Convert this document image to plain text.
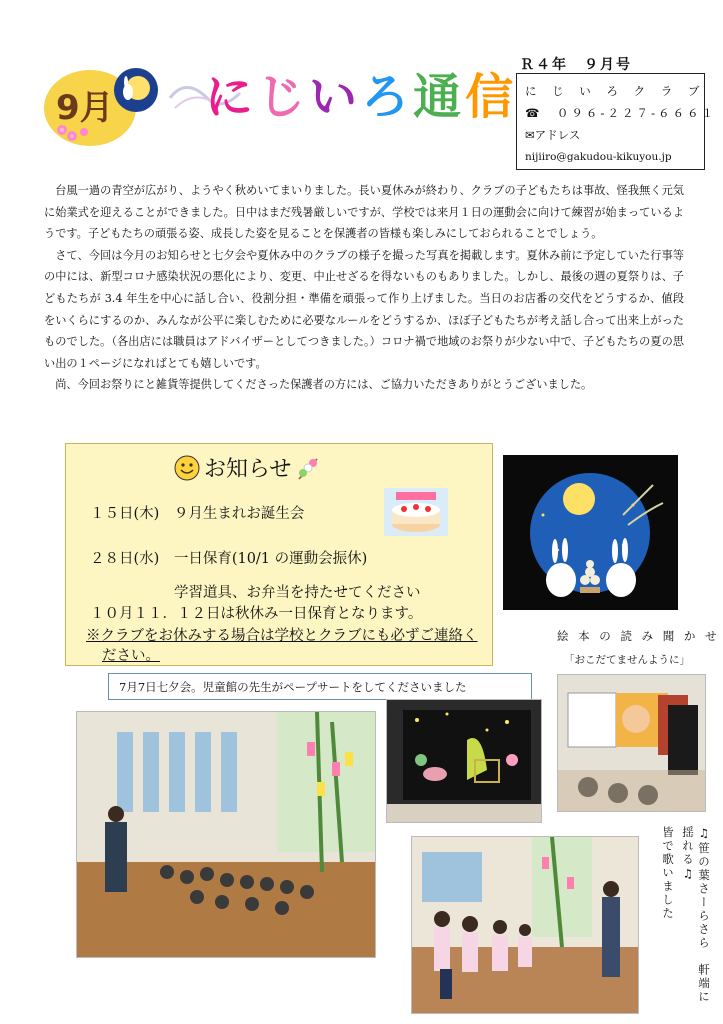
9月 にじいろ通信
Ｒ４年　９月号
に じ い ろ ク ラ ブ
☎　０９６-２２７-６６６１
✉アドレス
nijiiro@gakudou-kikuyou.jp

台風一過の青空が広がり、ようやく秋めいてまいりました。長い夏休みが終わり、クラブの子どもたちは事故、怪我無く元気に始業式を迎えることができました。日中はまだ残暑厳しいですが、学校では来月１日の運動会に向けて練習が始まっているようです。子どもたちの頑張る姿、成長した姿を見ることを保護者の皆様も楽しみにしておられることでしょう。

さて、今回は今月のお知らせと七夕会や夏休み中のクラブの様子を撮った写真を掲載します。夏休み前に予定していた行事等の中には、新型コロナ感染状況の悪化により、変更、中止せざるを得ないものもありました。しかし、最後の週の夏祭りは、子どもたちが 3.4 年生を中心に話し合い、役割分担・準備を頑張って作り上げました。当日のお店番の交代をどうするか、値段をいくらにするのか、みんなが公平に楽しむために必要なルールをどうするか、ほぼ子どもたちが考え話し合って出来上がったものでした。（各出店には職員はアドバイザーとしてつきました。）コロナ禍で地域のお祭りが少ない中で、子どもたちの夏の思い出の１ページになればとても嬉しいです。

尚、今回お祭りにと雑貨等提供してくださった保護者の方には、ご協力いただきありがとうございました。

お知らせ
１５日(木)　９月生まれお誕生会
２８日(水)　一日保育(10/1 の運動会振休)
学習道具、お弁当を持たせてください
１０月１１．１２日は秋休み一日保育となります。
※クラブをお休みする場合は学校とクラブにも必ずご連絡く
ださい。
絵 本 の 読 み 聞 か せ
「おこだてませんように」
7月7日七夕会。児童館の先生がペープサートをしてくださいました
♫笹の葉さーらさら　軒端に揺れる♫
皆で歌いました
